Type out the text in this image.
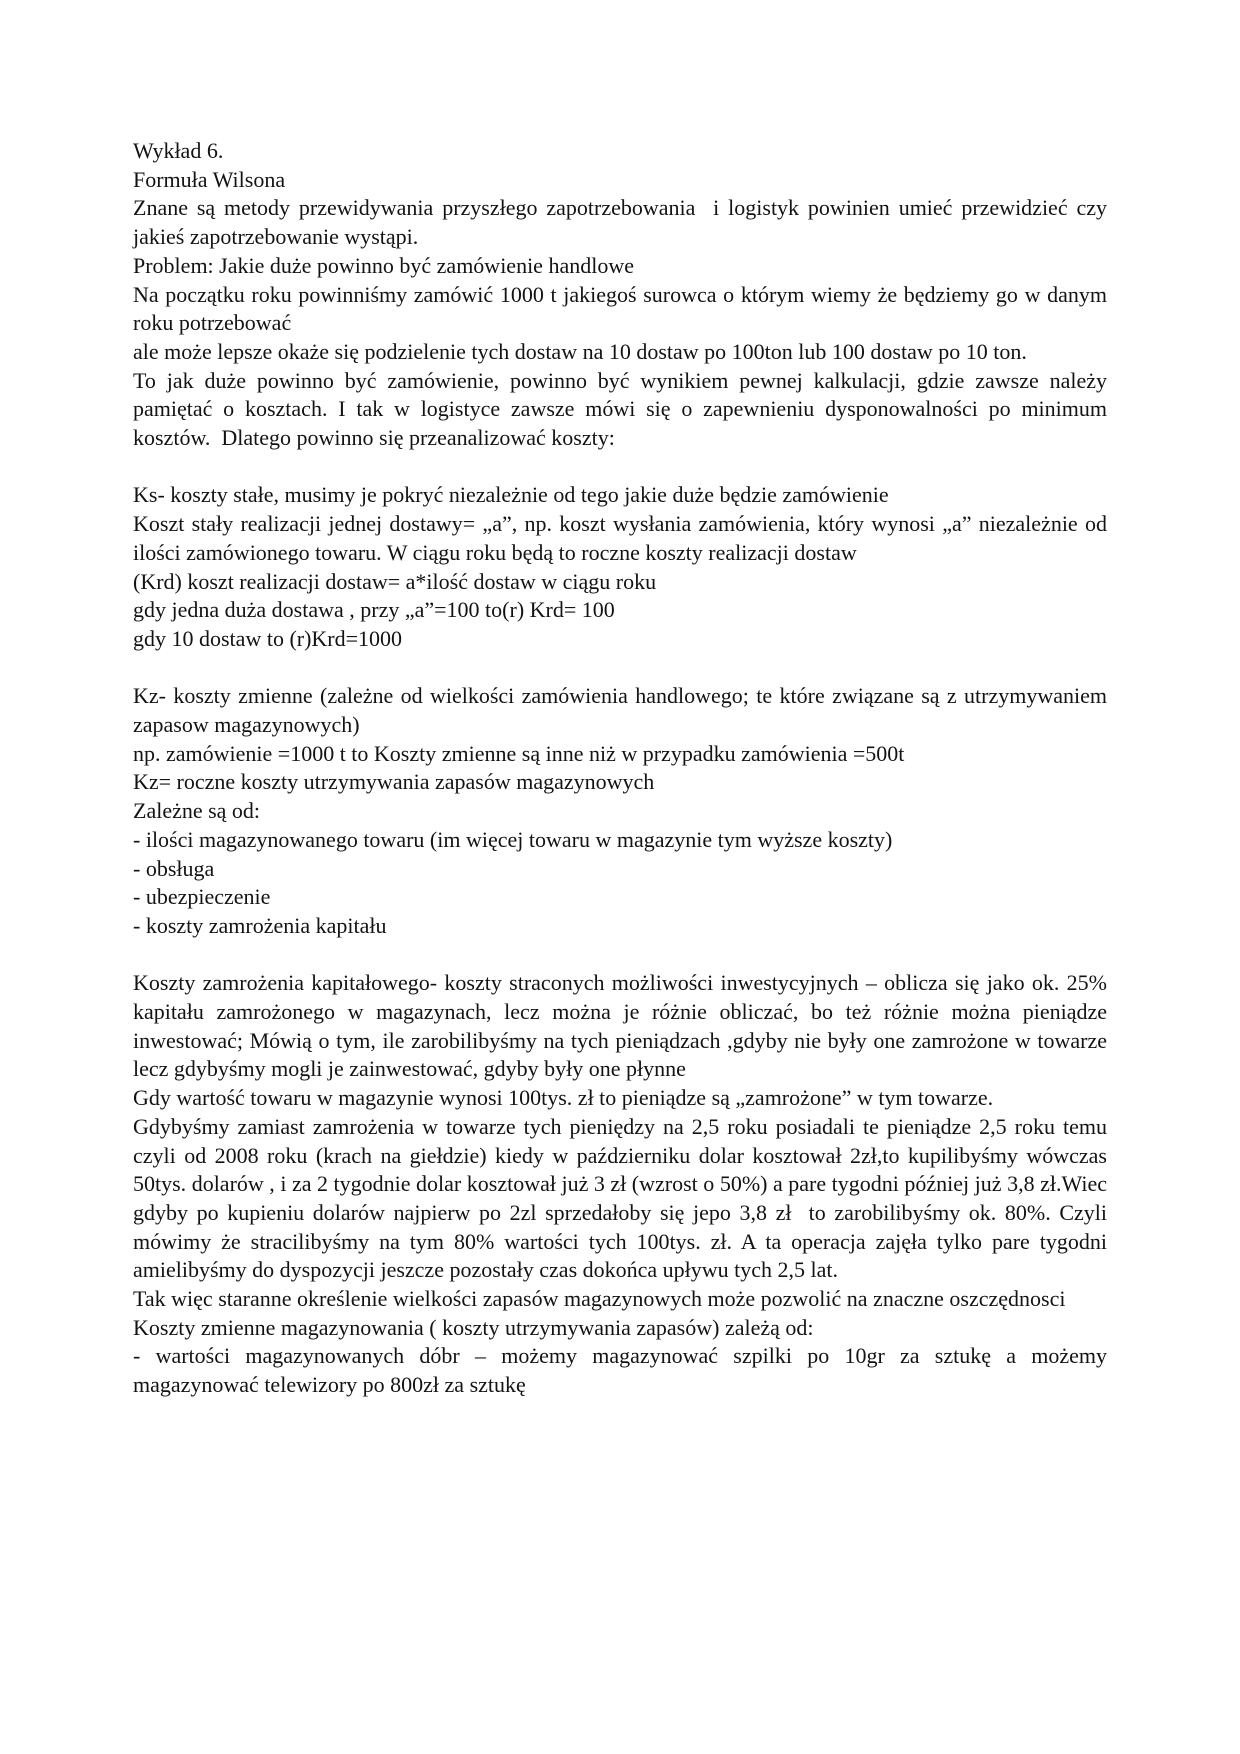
Wykład 6.

Formuła Wilsona

Znane są metody przewidywania przyszłego zapotrzebowania  i logistyk powinien umieć przewidzieć czy jakieś zapotrzebowanie wystąpi.

Problem: Jakie duże powinno być zamówienie handlowe

Na początku roku powinniśmy zamówić 1000 t jakiegoś surowca o którym wiemy że będziemy go w danym roku potrzebować

ale może lepsze okaże się podzielenie tych dostaw na 10 dostaw po 100ton lub 100 dostaw po 10 ton.

To jak duże powinno być zamówienie, powinno być wynikiem pewnej kalkulacji, gdzie zawsze należy pamiętać o kosztach. I tak w logistyce zawsze mówi się o zapewnieniu dysponowalności po minimum kosztów.  Dlatego powinno się przeanalizować koszty:

Ks- koszty stałe, musimy je pokryć niezależnie od tego jakie duże będzie zamówienie

Koszt stały realizacji jednej dostawy= „a”, np. koszt wysłania zamówienia, który wynosi „a” niezależnie od ilości zamówionego towaru. W ciągu roku będą to roczne koszty realizacji dostaw

(Krd) koszt realizacji dostaw= a*ilość dostaw w ciągu roku

gdy jedna duża dostawa , przy „a”=100 to(r) Krd= 100

gdy 10 dostaw to (r)Krd=1000

Kz- koszty zmienne (zależne od wielkości zamówienia handlowego; te które związane są z utrzymywaniem zapasow magazynowych)

np. zamówienie =1000 t to Koszty zmienne są inne niż w przypadku zamówienia =500t

Kz= roczne koszty utrzymywania zapasów magazynowych

Zależne są od:

- ilości magazynowanego towaru (im więcej towaru w magazynie tym wyższe koszty)

- obsługa

- ubezpieczenie

- koszty zamrożenia kapitału

Koszty zamrożenia kapitałowego- koszty straconych możliwości inwestycyjnych – oblicza się jako ok. 25% kapitału zamrożonego w magazynach, lecz można je różnie obliczać, bo też różnie można pieniądze inwestować; Mówią o tym, ile zarobilibyśmy na tych pieniądzach ,gdyby nie były one zamrożone w towarze lecz gdybyśmy mogli je zainwestować, gdyby były one płynne

Gdy wartość towaru w magazynie wynosi 100tys. zł to pieniądze są „zamrożone” w tym towarze.

Gdybyśmy zamiast zamrożenia w towarze tych pieniędzy na 2,5 roku posiadali te pieniądze 2,5 roku temu czyli od 2008 roku (krach na giełdzie) kiedy w październiku dolar kosztował 2zł,to kupilibyśmy wówczas 50tys. dolarów , i za 2 tygodnie dolar kosztował już 3 zł (wzrost o 50%) a pare tygodni później już 3,8 zł.Wiec gdyby po kupieniu dolarów najpierw po 2zl sprzedałoby się jepo 3,8 zł  to zarobilibyśmy ok. 80%. Czyli mówimy że stracilibyśmy na tym 80% wartości tych 100tys. zł. A ta operacja zajęła tylko pare tygodni amielibyśmy do dyspozycji jeszcze pozostały czas dokońca upływu tych 2,5 lat.

Tak więc staranne określenie wielkości zapasów magazynowych może pozwolić na znaczne oszczędnosci

Koszty zmienne magazynowania ( koszty utrzymywania zapasów) zależą od:

- wartości magazynowanych dóbr – możemy magazynować szpilki po 10gr za sztukę a możemy magazynować telewizory po 800zł za sztukę
